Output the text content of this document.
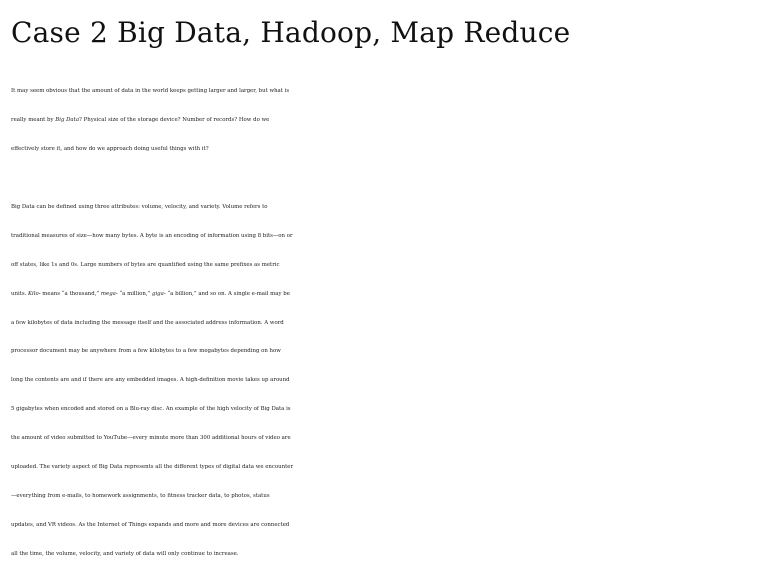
Case 2 Big Data, Hadoop, Map Reduce
It may seem obvious that the amount of data in the world keeps getting larger and larger, but what is
really meant by Big Data? Physical size of the storage device? Number of records? How do we
effectively store it, and how do we approach doing useful things with it?
Big Data can be defined using three attributes: volume, velocity, and variety. Volume refers to
traditional measures of size—how many bytes. A byte is an encoding of information using 8 bits—on or
off states, like 1s and 0s. Large numbers of bytes are quantified using the same prefixes as metric
units. Kilo- means “a thousand,” mega- “a million,” giga- “a billion,” and so on. A single e-mail may be
a few kilobytes of data including the message itself and the associated address information. A word
processor document may be anywhere from a few kilobytes to a few megabytes depending on how
long the contents are and if there are any embedded images. A high-definition movie takes up around
5 gigabytes when encoded and stored on a Blu-ray disc. An example of the high velocity of Big Data is
the amount of video submitted to YouTube—every minute more than 300 additional hours of video are
uploaded. The variety aspect of Big Data represents all the different types of digital data we encounter
—everything from e-mails, to homework assignments, to fitness tracker data, to photos, status
updates, and VR videos. As the Internet of Things expands and more and more devices are connected
all the time, the volume, velocity, and variety of data will only continue to increase.
